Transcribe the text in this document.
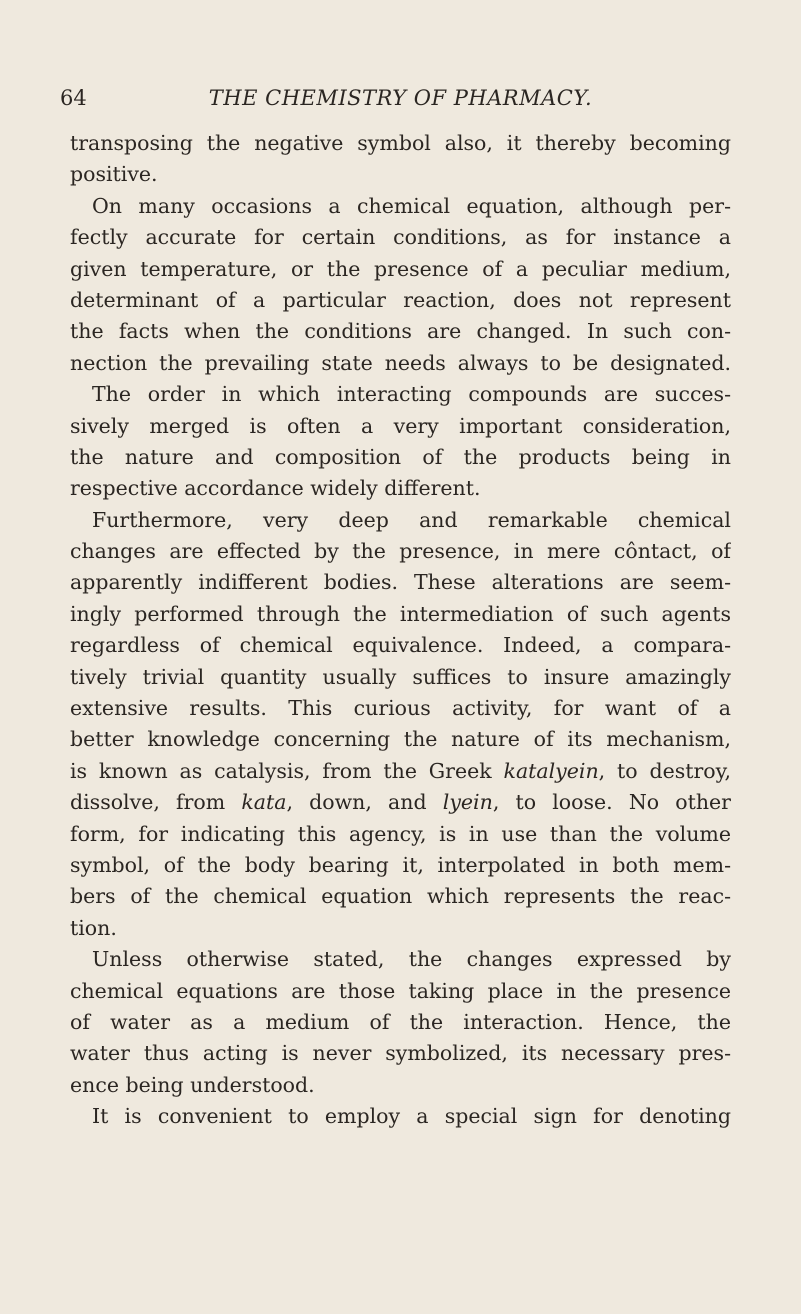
64	THE CHEMISTRY OF PHARMACY.
transposing the negative symbol also, it thereby becoming
positive.
On many occasions a chemical equation, although per-
fectly accurate for certain conditions, as for instance a
given temperature, or the presence of a peculiar medium,
determinant of a particular reaction, does not represent
the facts when the conditions are changed. In such con-
nection the prevailing state needs always to be designated.
The order in which interacting compounds are succes-
sively merged is often a very important consideration,
the nature and composition of the products being in
respective accordance widely different.
Furthermore, very deep and remarkable chemical
changes are effected by the presence, in mere côntact, of
apparently indifferent bodies. These alterations are seem-
ingly performed through the intermediation of such agents
regardless of chemical equivalence. Indeed, a compara-
tively trivial quantity usually suffices to insure amazingly
extensive results. This curious activity, for want of a
better knowledge concerning the nature of its mechanism,
is known as catalysis, from the Greek katalyein, to destroy,
dissolve, from kata, down, and lyein, to loose. No other
form, for indicating this agency, is in use than the volume
symbol, of the body bearing it, interpolated in both mem-
bers of the chemical equation which represents the reac-
tion.
Unless otherwise stated, the changes expressed by
chemical equations are those taking place in the presence
of water as a medium of the interaction. Hence, the
water thus acting is never symbolized, its necessary pres-
ence being understood.
It is convenient to employ a special sign for denoting
